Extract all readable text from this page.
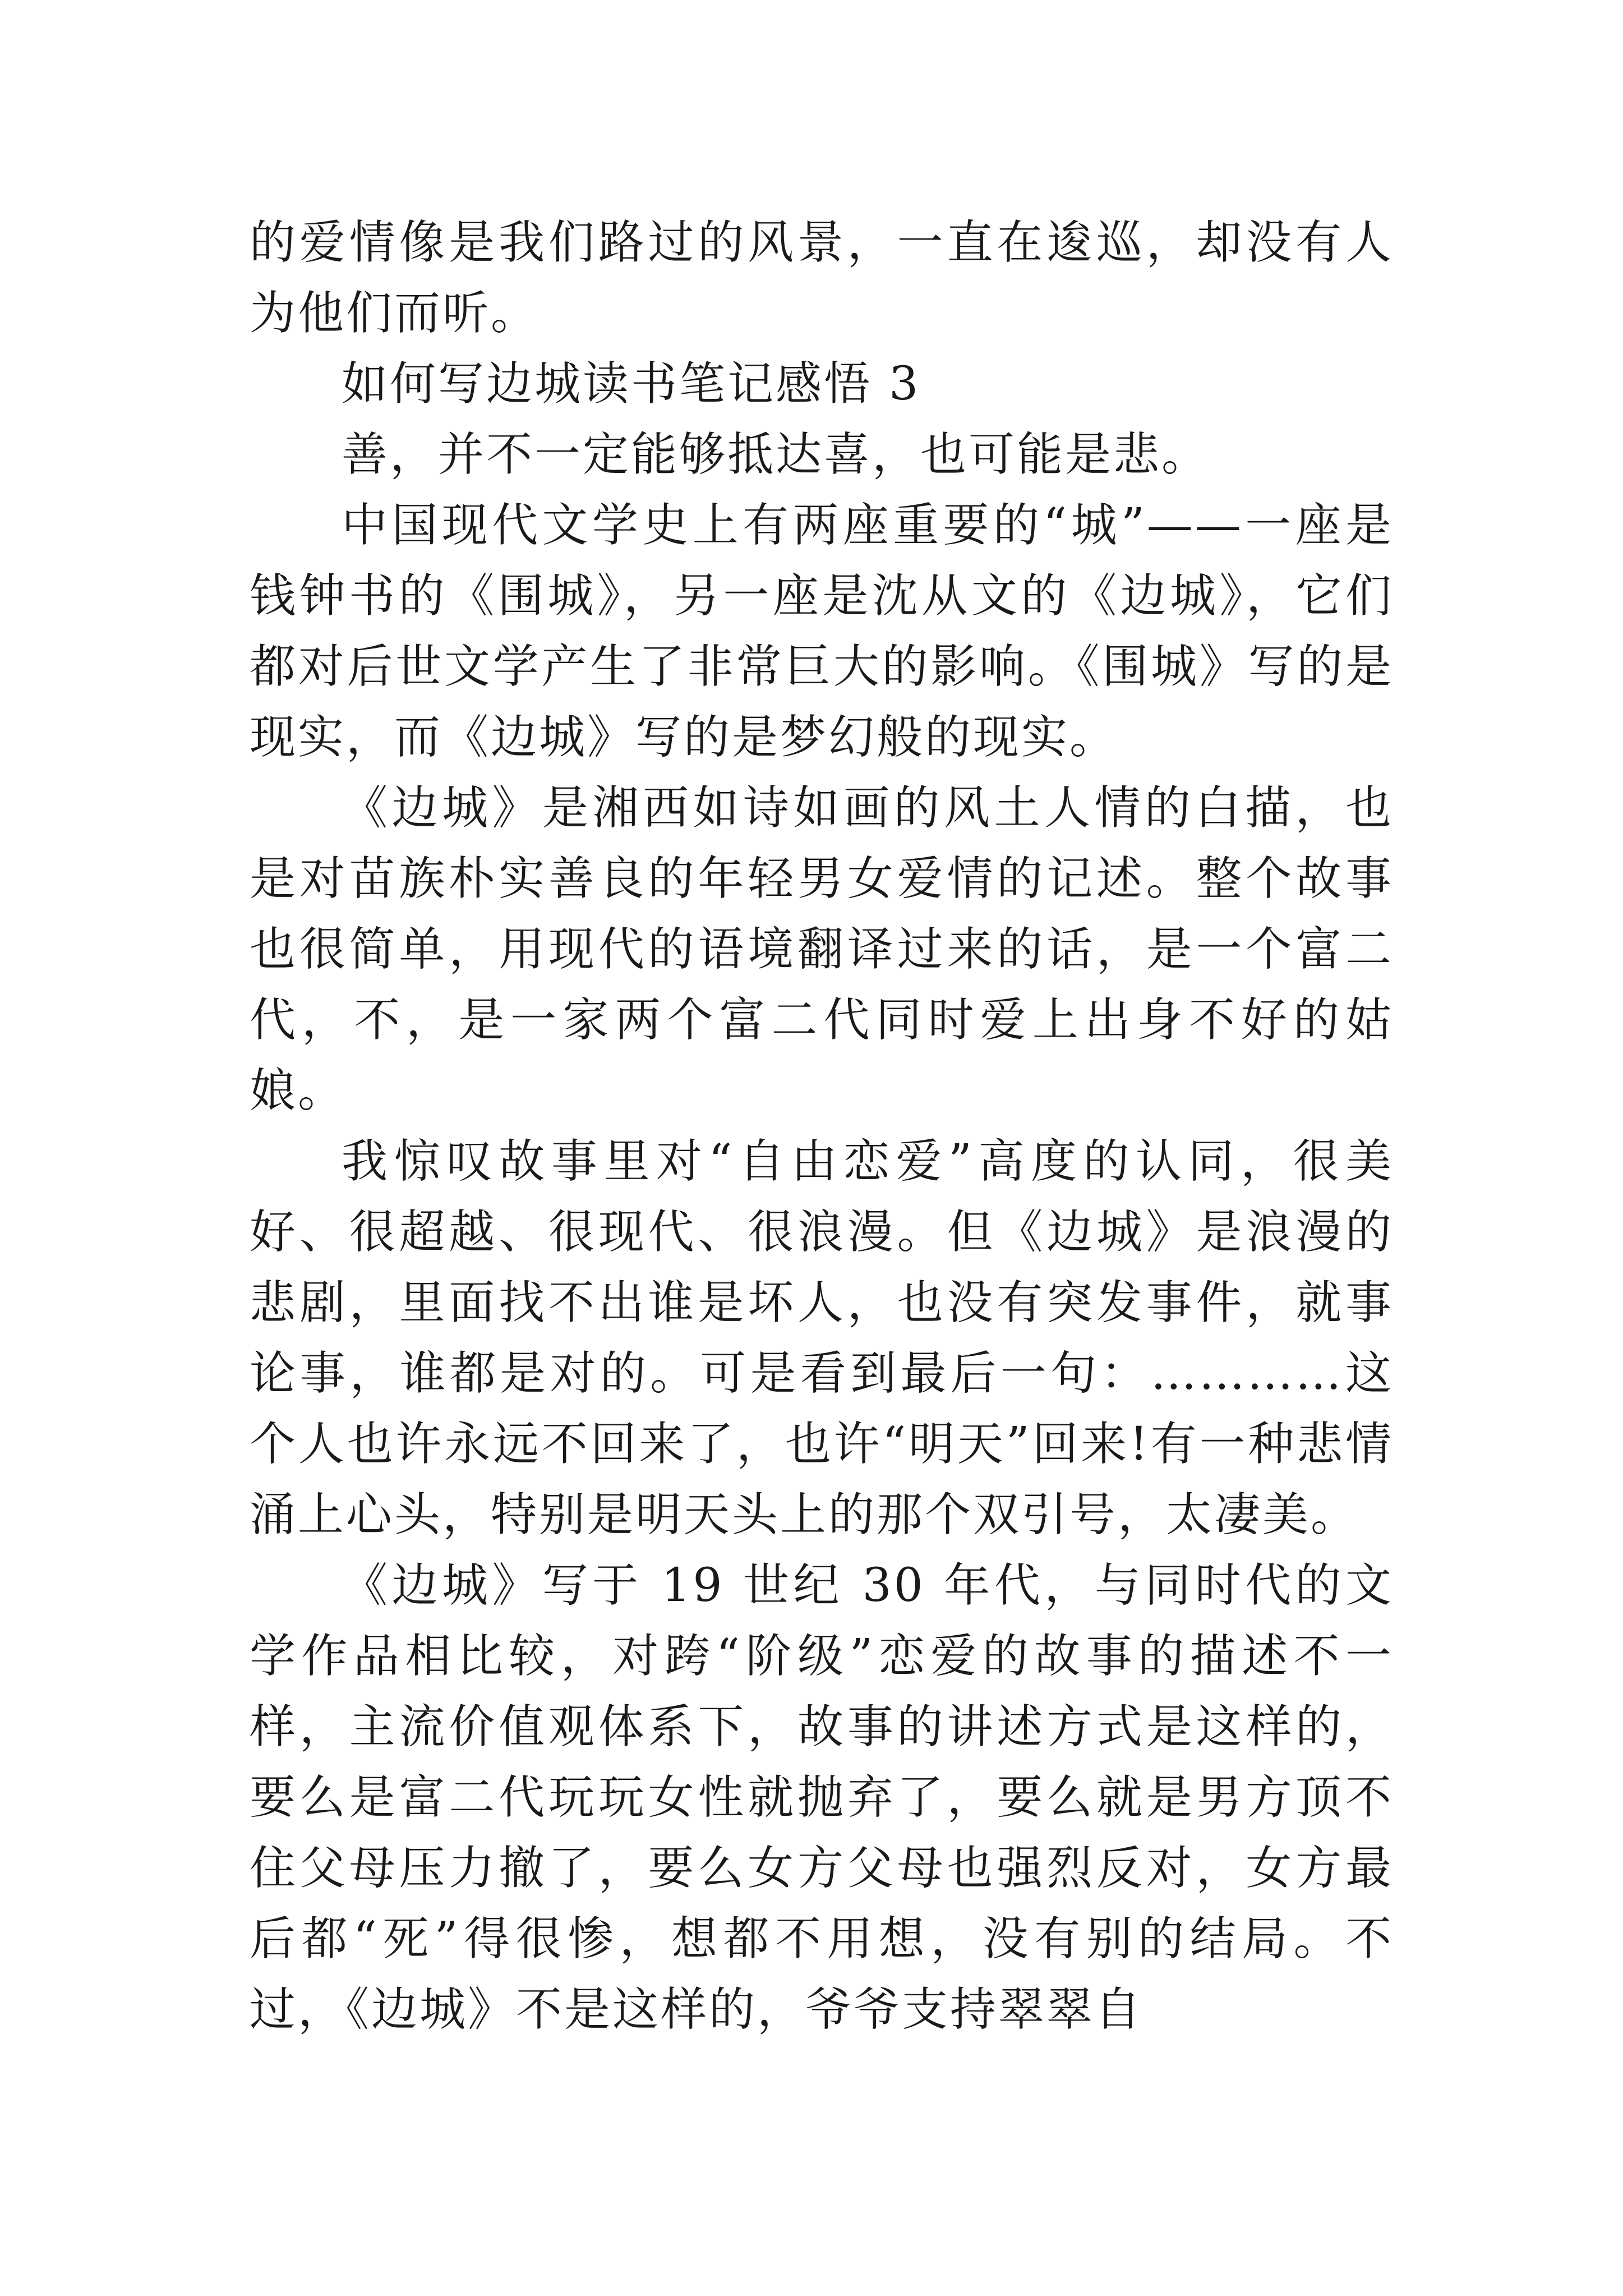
的爱情像是我们路过的风景，一直在逡巡，却没有人为他们而听。

如何写边城读书笔记感悟 3

善，并不一定能够抵达喜，也可能是悲。

中国现代文学史上有两座重要的“城”——一座是钱钟书的《围城》，另一座是沈从文的《边城》，它们都对后世文学产生了非常巨大的影响。《围城》写的是现实，而《边城》写的是梦幻般的现实。

《边城》是湘西如诗如画的风土人情的白描，也是对苗族朴实善良的年轻男女爱情的记述。整个故事也很简单，用现代的语境翻译过来的话，是一个富二代，不，是一家两个富二代同时爱上出身不好的姑娘。

我惊叹故事里对“自由恋爱”高度的认同，很美好、很超越、很现代、很浪漫。但《边城》是浪漫的悲剧，里面找不出谁是坏人，也没有突发事件，就事论事，谁都是对的。可是看到最后一句：…………这个人也许永远不回来了，也许“明天”回来!有一种悲情涌上心头，特别是明天头上的那个双引号，太凄美。

《边城》写于 19 世纪 30 年代，与同时代的文学作品相比较，对跨“阶级”恋爱的故事的描述不一样，主流价值观体系下，故事的讲述方式是这样的，要么是富二代玩玩女性就抛弃了，要么就是男方顶不住父母压力撤了，要么女方父母也强烈反对，女方最后都“死”得很惨，想都不用想，没有别的结局。不过，《边城》不是这样的，爷爷支持翠翠自
